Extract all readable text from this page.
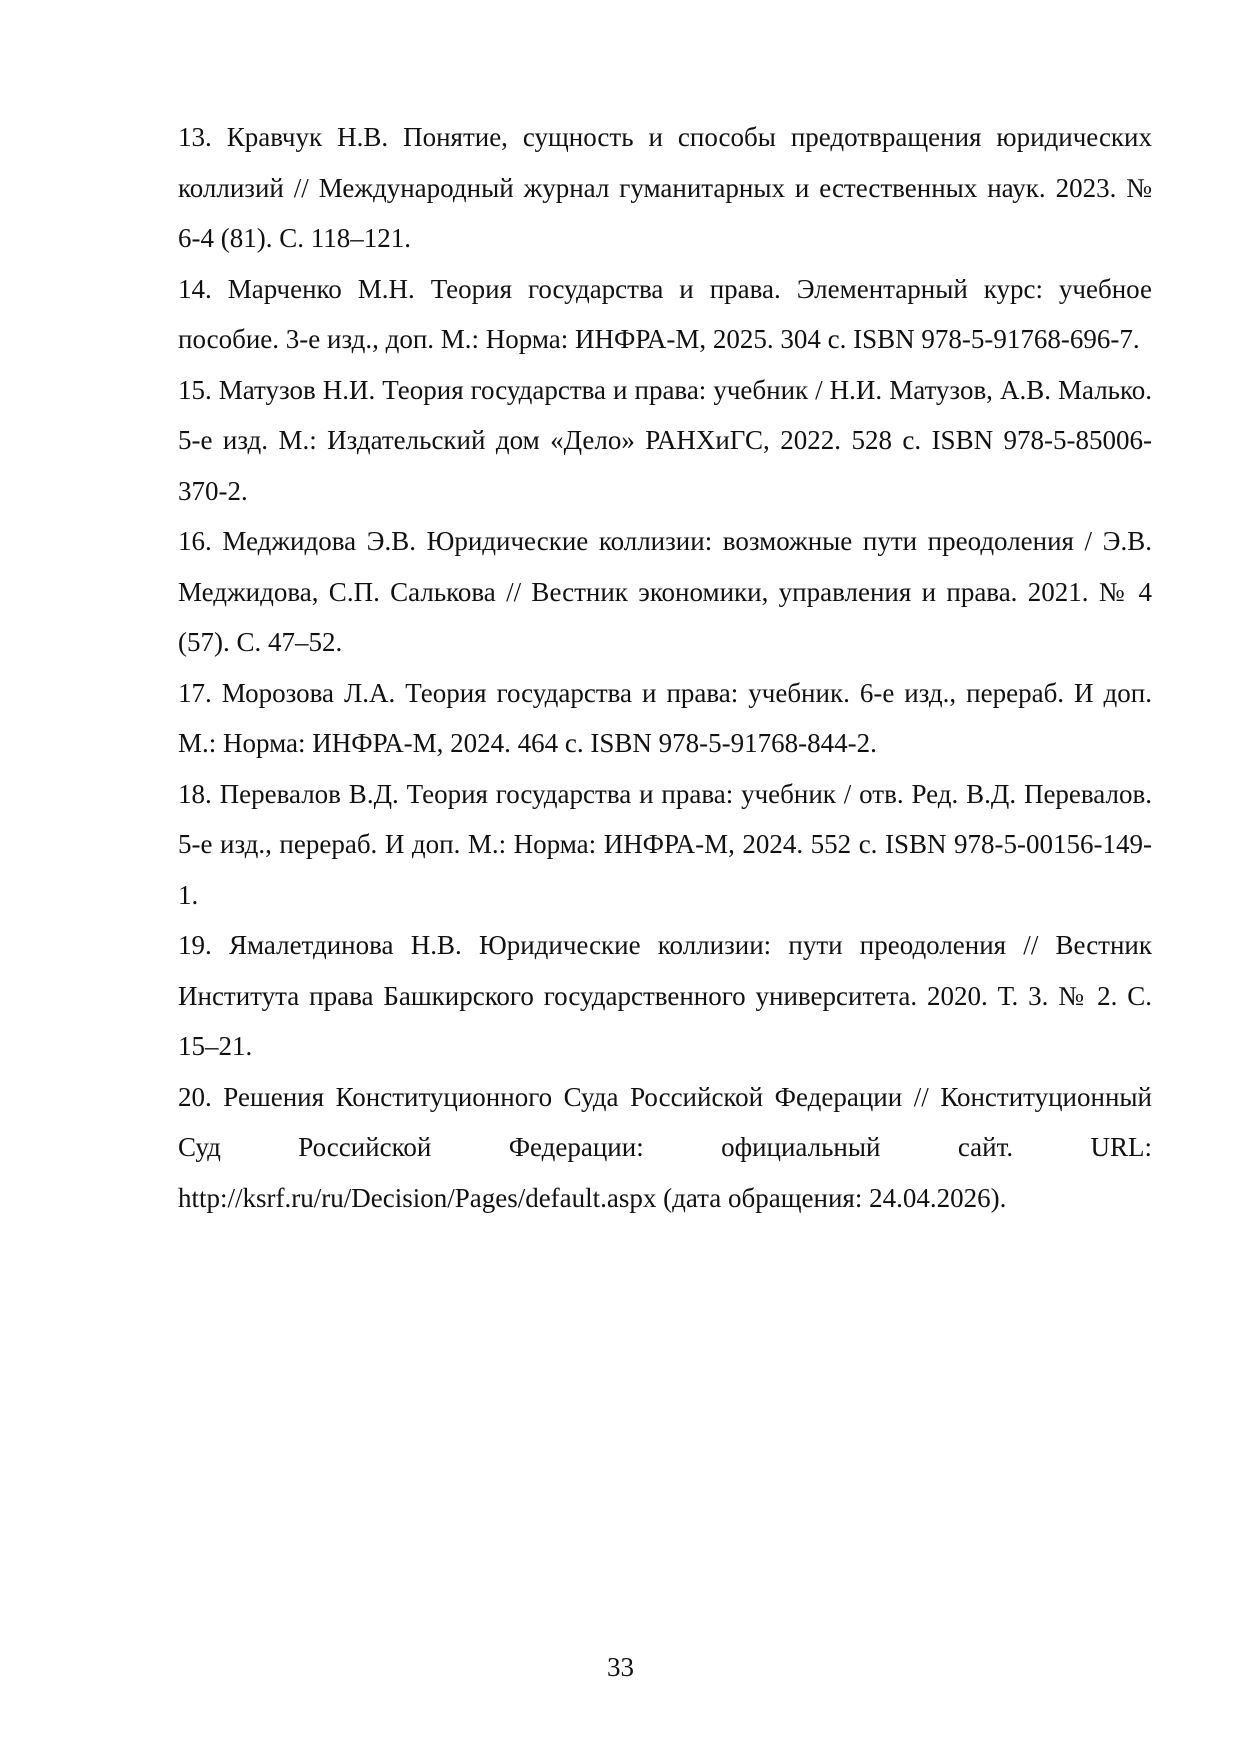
13. Кравчук Н.В. Понятие, сущность и способы предотвращения юридических коллизий // Международный журнал гуманитарных и естественных наук. 2023. № 6-4 (81). С. 118–121.
14. Марченко М.Н. Теория государства и права. Элементарный курс: учебное пособие. 3-е изд., доп. М.: Норма: ИНФРА-М, 2025. 304 с. ISBN 978-5-91768-696-7.
15. Матузов Н.И. Теория государства и права: учебник / Н.И. Матузов, А.В. Малько. 5-е изд. М.: Издательский дом «Дело» РАНХиГС, 2022. 528 с. ISBN 978-5-85006-370-2.
16. Меджидова Э.В. Юридические коллизии: возможные пути преодоления / Э.В. Меджидова, С.П. Салькова // Вестник экономики, управления и права. 2021. № 4 (57). С. 47–52.
17. Морозова Л.А. Теория государства и права: учебник. 6-е изд., перераб. И доп. М.: Норма: ИНФРА-М, 2024. 464 с. ISBN 978-5-91768-844-2.
18. Перевалов В.Д. Теория государства и права: учебник / отв. Ред. В.Д. Перевалов. 5-е изд., перераб. И доп. М.: Норма: ИНФРА-М, 2024. 552 с. ISBN 978-5-00156-149-1.
19. Ямалетдинова Н.В. Юридические коллизии: пути преодоления // Вестник Института права Башкирского государственного университета. 2020. Т. 3. № 2. С. 15–21.
20. Решения Конституционного Суда Российской Федерации // Конституционный Суд Российской Федерации: официальный сайт. URL: http://ksrf.ru/ru/Decision/Pages/default.aspx (дата обращения: 24.04.2026).
33
